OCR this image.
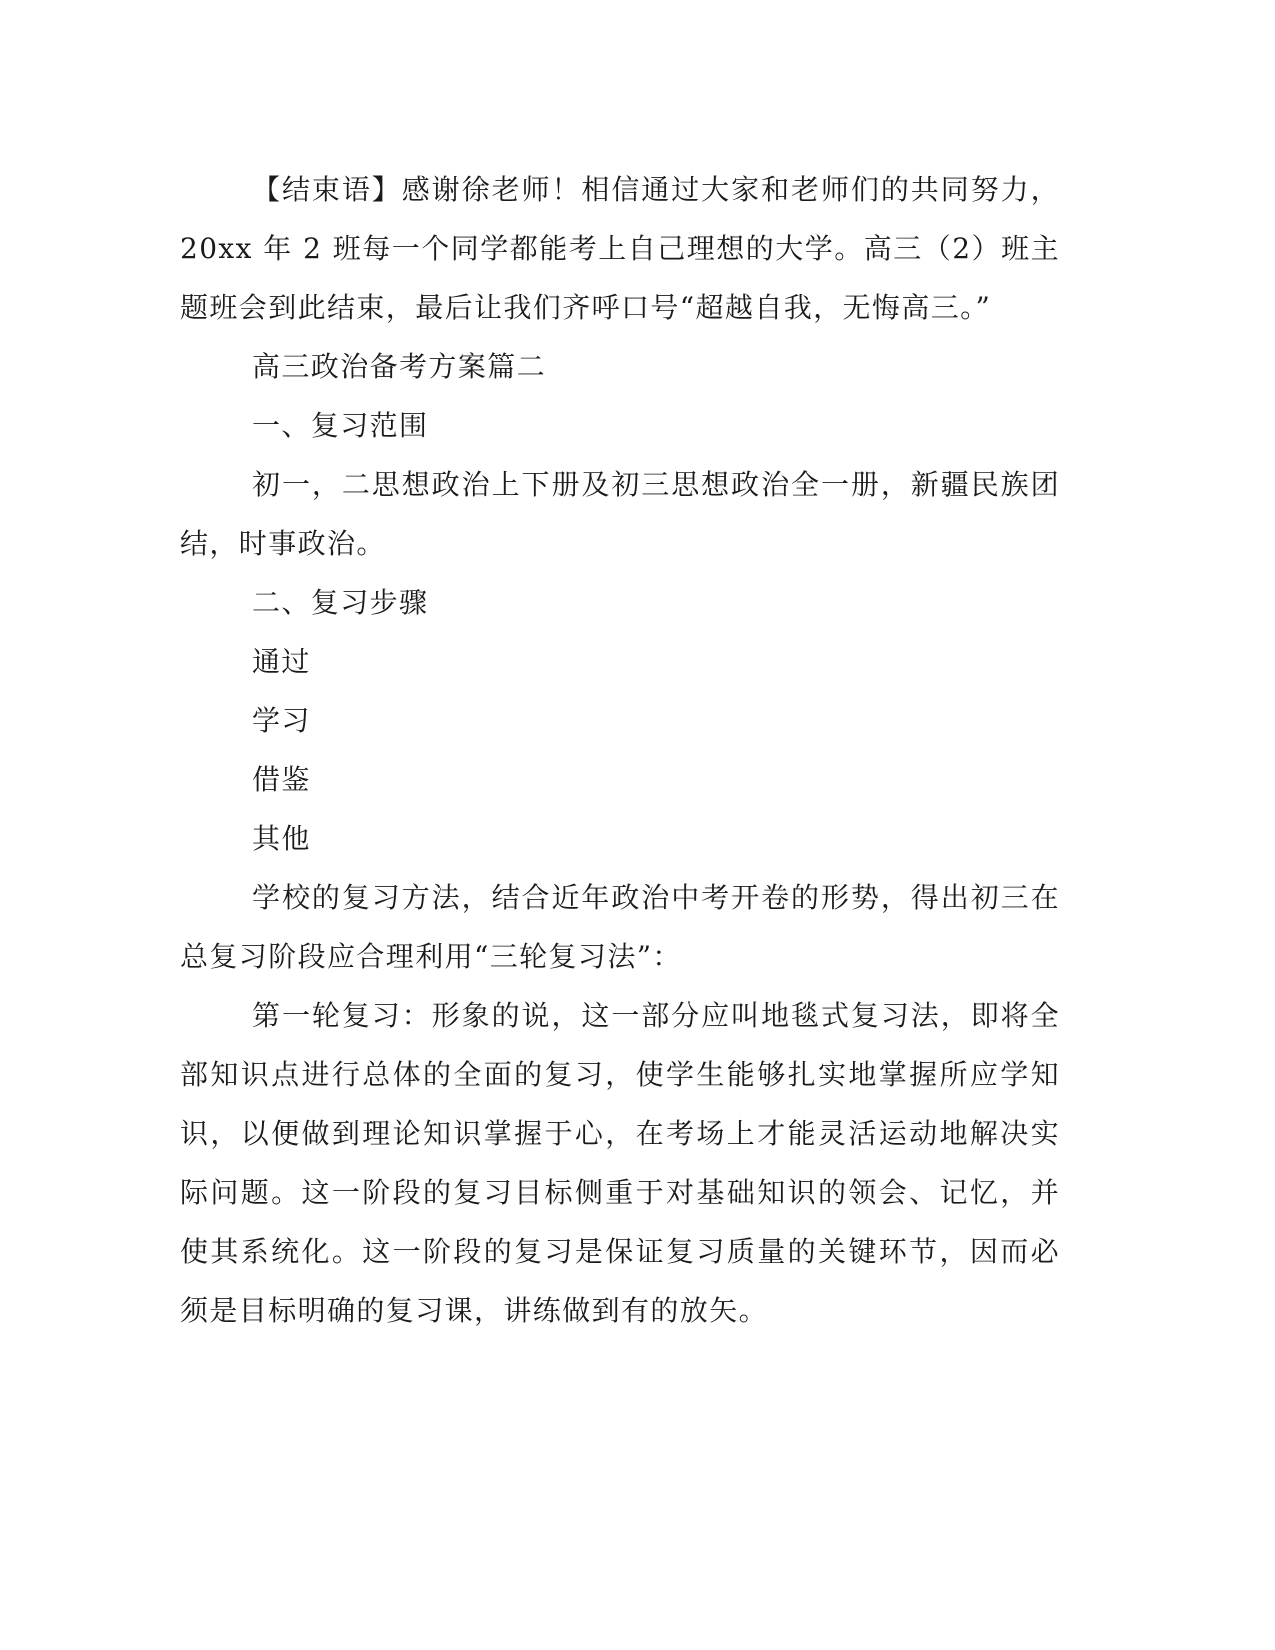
【结束语】感谢徐老师！相信通过大家和老师们的共同努力，20xx 年 2 班每一个同学都能考上自己理想的大学。高三（2）班主题班会到此结束，最后让我们齐呼口号“超越自我，无悔高三。”

高三政治备考方案篇二

一、复习范围

初一，二思想政治上下册及初三思想政治全一册，新疆民族团结，时事政治。

二、复习步骤

通过

学习

借鉴

其他

学校的复习方法，结合近年政治中考开卷的形势，得出初三在总复习阶段应合理利用“三轮复习法”：

第一轮复习：形象的说，这一部分应叫地毯式复习法，即将全部知识点进行总体的全面的复习，使学生能够扎实地掌握所应学知识，以便做到理论知识掌握于心，在考场上才能灵活运动地解决实际问题。这一阶段的复习目标侧重于对基础知识的领会、记忆，并使其系统化。这一阶段的复习是保证复习质量的关键环节，因而必须是目标明确的复习课，讲练做到有的放矢。
